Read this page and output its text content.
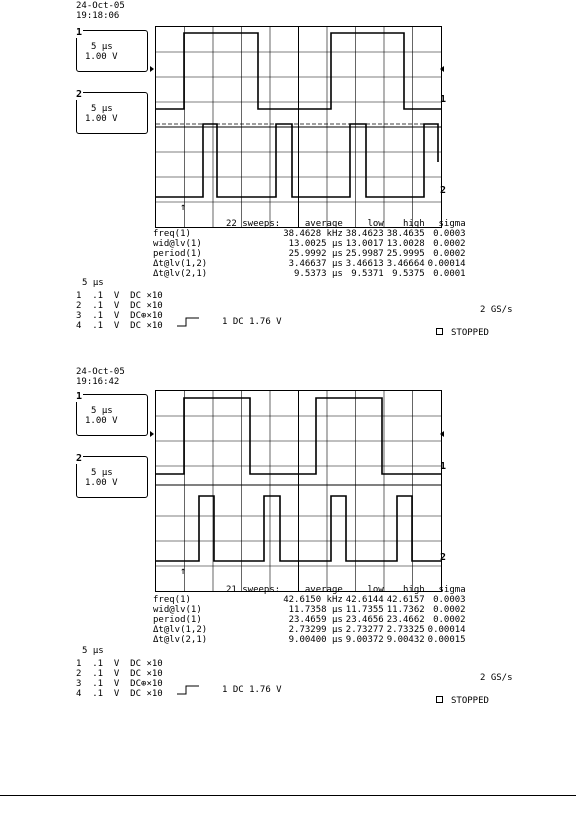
24-Oct-05
19:18:06
1
5 µs
1.00 V
2
5 µs
1.00 V
1
2
↑
	22 sweeps:	average	low	high	sigma
freq(1)		38.4628 kHz	38.4623	38.4635	0.0003
wid@lv(1)		13.0025 µs	13.0017	13.0028	0.0002
period(1)		25.9992 µs	25.9987	25.9995	0.0002
Δt@lv(1,2)		3.46637 µs	3.46613	3.46664	0.00014
Δt@lv(2,1)		9.5373 µs	9.5371	9.5375	0.0001
5 µs
1  .1  V  DC ×10
2  .1  V  DC ×10
3  .1  V  DC⊕×10
4  .1  V  DC ×10	1 DC 1.76 V
2 GS/s
STOPPED
24-Oct-05
19:16:42
1
5 µs
1.00 V
2
5 µs
1.00 V
1
2
↑
	21 sweeps:	average	low	high	sigma
freq(1)		42.6150 kHz	42.6144	42.6157	0.0003
wid@lv(1)		11.7358 µs	11.7355	11.7362	0.0002
period(1)		23.4659 µs	23.4656	23.4662	0.0002
Δt@lv(1,2)		2.73299 µs	2.73277	2.73325	0.00014
Δt@lv(2,1)		9.00400 µs	9.00372	9.00432	0.00015
5 µs
1  .1  V  DC ×10
2  .1  V  DC ×10
3  .1  V  DC⊕×10
4  .1  V  DC ×10	1 DC 1.76 V
2 GS/s
STOPPED
